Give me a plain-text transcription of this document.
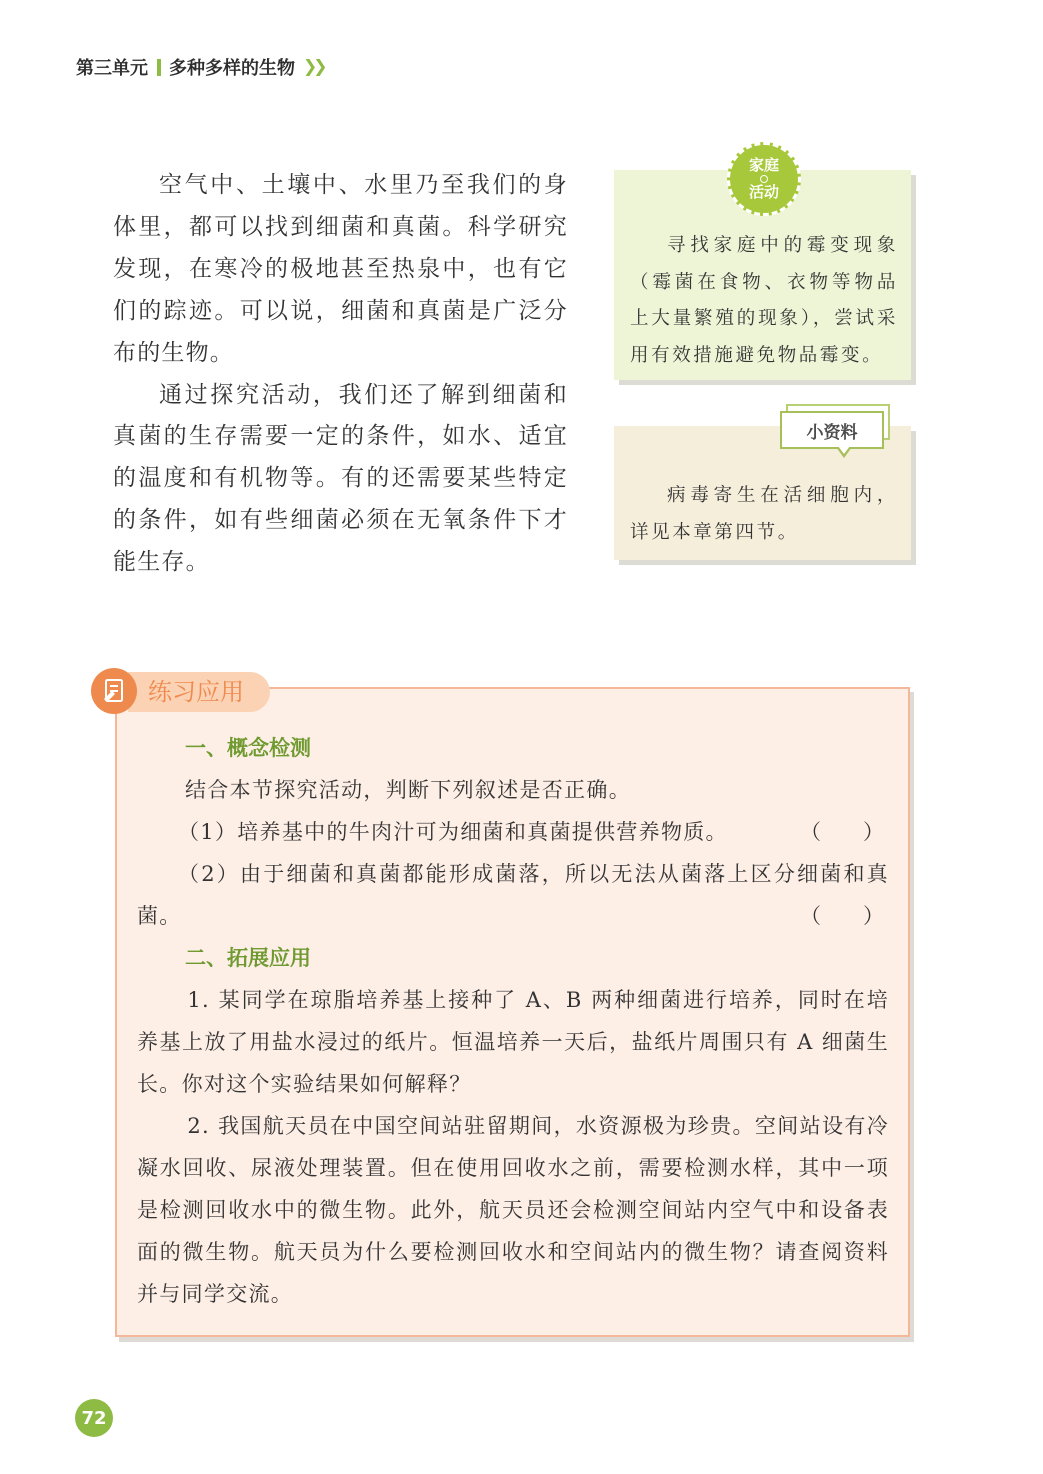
第三单元 多种多样的生物 ❯❯

空气中、土壤中、水里乃至我们的身体里，都可以找到细菌和真菌。科学研究发现，在寒冷的极地甚至热泉中，也有它们的踪迹。可以说，细菌和真菌是广泛分布的生物。

通过探究活动，我们还了解到细菌和真菌的生存需要一定的条件，如水、适宜的温度和有机物等。有的还需要某些特定的条件，如有些细菌必须在无氧条件下才能生存。

家庭
活动
寻找家庭中的霉变现象（霉菌在食物、衣物等物品上大量繁殖的现象），尝试采用有效措施避免物品霉变。
小资料
病毒寄生在活细胞内，详见本章第四节。
练习应用
一、概念检测
结合本节探究活动，判断下列叙述是否正确。
（1）培养基中的牛肉汁可为细菌和真菌提供营养物质。	（　　）
（2）由于细菌和真菌都能形成菌落，所以无法从菌落上区分细菌和真菌。	（　　）
二、拓展应用
1. 某同学在琼脂培养基上接种了 A、B 两种细菌进行培养，同时在培养基上放了用盐水浸过的纸片。恒温培养一天后，盐纸片周围只有 A 细菌生长。你对这个实验结果如何解释？
2. 我国航天员在中国空间站驻留期间，水资源极为珍贵。空间站设有冷凝水回收、尿液处理装置。但在使用回收水之前，需要检测水样，其中一项是检测回收水中的微生物。此外，航天员还会检测空间站内空气中和设备表面的微生物。航天员为什么要检测回收水和空间站内的微生物？请查阅资料并与同学交流。
72
